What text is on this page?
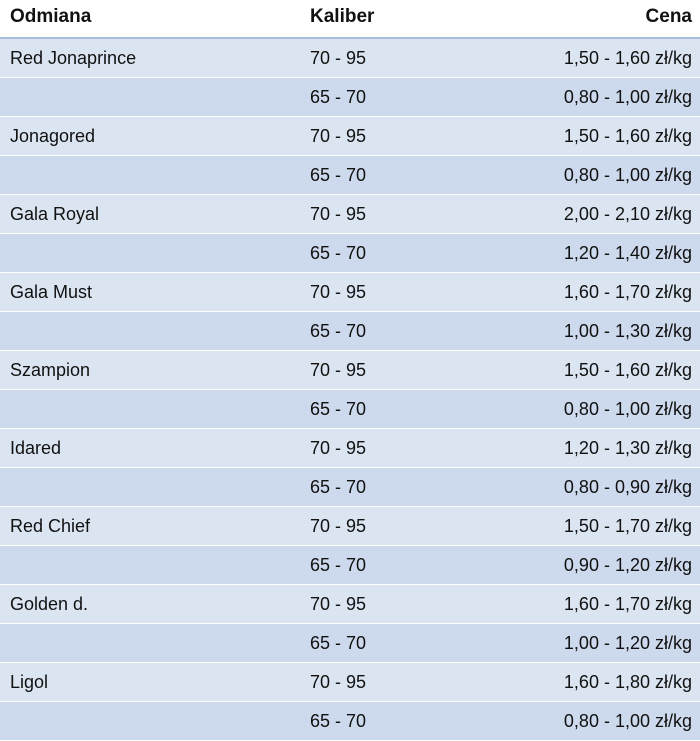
Odmiana	Kaliber	Cena
Red Jonaprince	70 - 95	1,50 - 1,60 zł/kg
	65 - 70	0,80 - 1,00 zł/kg
Jonagored	70 - 95	1,50 - 1,60 zł/kg
	65 - 70	0,80 - 1,00 zł/kg
Gala Royal	70 - 95	2,00 - 2,10 zł/kg
	65 - 70	1,20 - 1,40 zł/kg
Gala Must	70 - 95	1,60 - 1,70 zł/kg
	65 - 70	1,00 - 1,30 zł/kg
Szampion	70 - 95	1,50 - 1,60 zł/kg
	65 - 70	0,80 - 1,00 zł/kg
Idared	70 - 95	1,20 - 1,30 zł/kg
	65 - 70	0,80 - 0,90 zł/kg
Red Chief	70 - 95	1,50 - 1,70 zł/kg
	65 - 70	0,90 - 1,20 zł/kg
Golden d.	70 - 95	1,60 - 1,70 zł/kg
	65 - 70	1,00 - 1,20 zł/kg
Ligol	70 - 95	1,60 - 1,80 zł/kg
	65 - 70	0,80 - 1,00 zł/kg
